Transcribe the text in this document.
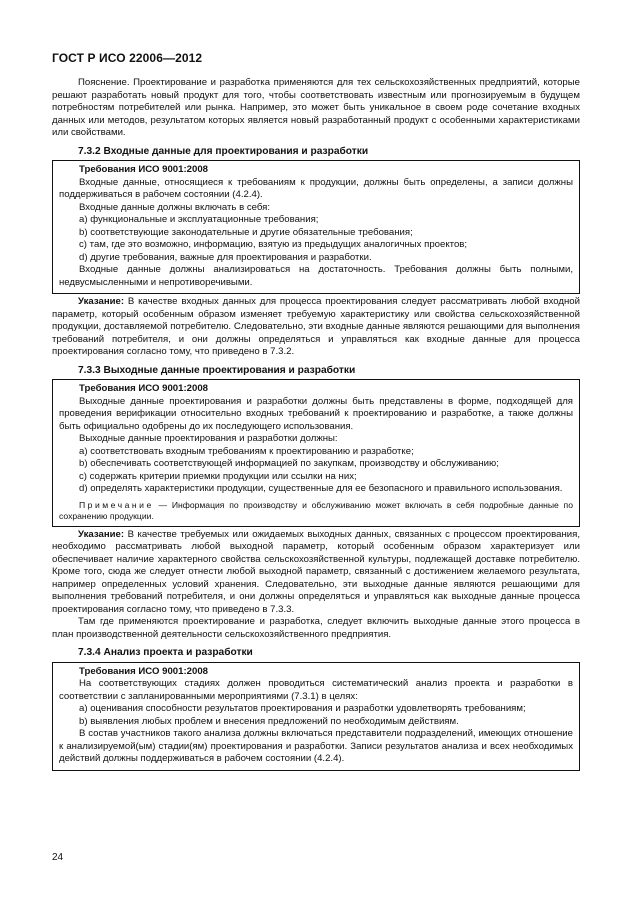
ГОСТ Р ИСО 22006—2012

Пояснение. Проектирование и разработка применяются для тех сельскохозяйственных предприятий, которые решают разработать новый продукт для того, чтобы соответствовать известным или прогнозируемым в будущем потребностям потребителей или рынка. Например, это может быть уникальное в своем роде сочетание входных данных или методов, результатом которых является новый разработанный продукт с особенными характеристиками или свойствами.

7.3.2 Входные данные для проектирования и разработки

Требования ИСО 9001:2008

Входные данные, относящиеся к требованиям к продукции, должны быть определены, а записи должны поддерживаться в рабочем состоянии (4.2.4).

Входные данные должны включать в себя:

a) функциональные и эксплуатационные требования;

b) соответствующие законодательные и другие обязательные требования;

c) там, где это возможно, информацию, взятую из предыдущих аналогичных проектов;

d) другие требования, важные для проектирования и разработки.

Входные данные должны анализироваться на достаточность. Требования должны быть полными, недвусмысленными и непротиворечивыми.

Указание: В качестве входных данных для процесса проектирования следует рассматривать любой входной параметр, который особенным образом изменяет требуемую характеристику или свойства сельскохозяйственной продукции, доставляемой потребителю. Следовательно, эти входные данные являются решающими для выполнения требований потребителя, и они должны определяться и управляться как входные данные для процесса проектирования согласно тому, что приведено в 7.3.2.

7.3.3 Выходные данные проектирования и разработки

Требования ИСО 9001:2008

Выходные данные проектирования и разработки должны быть представлены в форме, подходящей для проведения верификации относительно входных требований к проектированию и разработке, а также должны быть официально одобрены до их последующего использования.

Выходные данные проектирования и разработки должны:

a) соответствовать входным требованиям к проектированию и разработке;

b) обеспечивать соответствующей информацией по закупкам, производству и обслуживанию;

c) содержать критерии приемки продукции или ссылки на них;

d) определять характеристики продукции, существенные для ее безопасного и правильного использования.

Примечание — Информация по производству и обслуживанию может включать в себя подробные данные по сохранению продукции.

Указание: В качестве требуемых или ожидаемых выходных данных, связанных с процессом проектирования, необходимо рассматривать любой выходной параметр, который особенным образом характеризует или обеспечивает наличие характерного свойства сельскохозяйственной культуры, подлежащей доставке потребителю. Кроме того, сюда же следует отнести любой выходной параметр, связанный с достижением желаемого результата, например определенных условий хранения. Следовательно, эти выходные данные являются решающими для выполнения требований потребителя, и они должны определяться и управляться как выходные данные процесса проектирования согласно тому, что приведено в 7.3.3.

Там где применяются проектирование и разработка, следует включить выходные данные этого процесса в план производственной деятельности сельскохозяйственного предприятия.

7.3.4 Анализ проекта и разработки

Требования ИСО 9001:2008

На соответствующих стадиях должен проводиться систематический анализ проекта и разработки в соответствии с запланированными мероприятиями (7.3.1) в целях:

a) оценивания способности результатов проектирования и разработки удовлетворять требованиям;

b) выявления любых проблем и внесения предложений по необходимым действиям.

В состав участников такого анализа должны включаться представители подразделений, имеющих отношение к анализируемой(ым) стадии(ям) проектирования и разработки. Записи результатов анализа и всех необходимых действий должны поддерживаться в рабочем состоянии (4.2.4).

24
